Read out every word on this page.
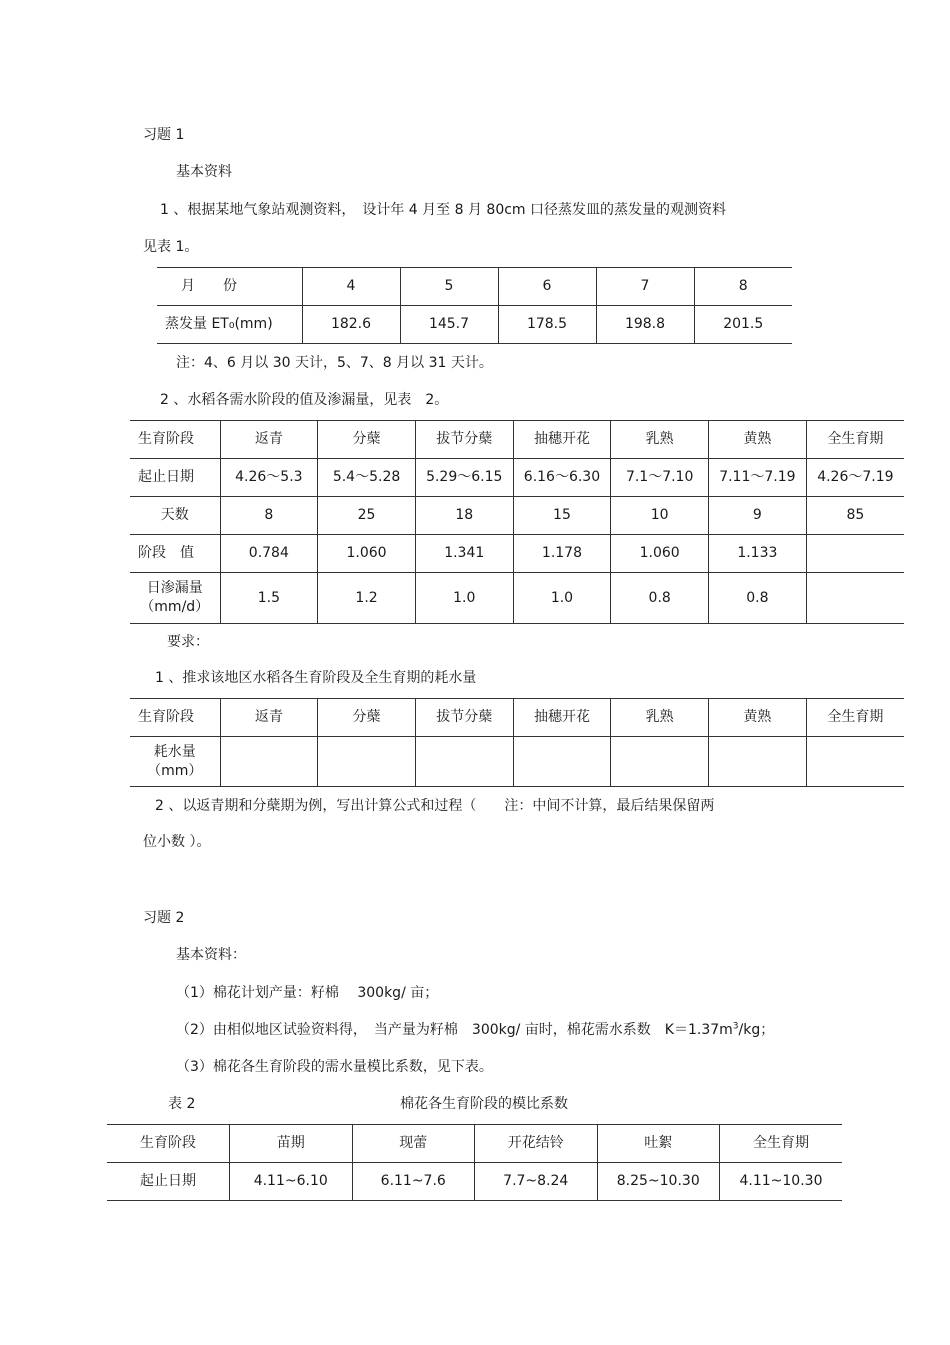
习题 1
基本资料
1 、根据某地气象站观测资料，　设计年 4 月至 8 月 80cm 口径蒸发皿的蒸发量的观测资料
见表 1。
月　　份	4	5	6	7	8
蒸发量 ET₀(mm)	182.6	145.7	178.5	198.8	201.5
注：4、6 月以 30 天计，5、7、8 月以 31 天计。
2 、水稻各需水阶段的值及渗漏量，见表　2。
生育阶段	返青	分蘖	拔节分蘖	抽穗开花	乳熟	黄熟	全生育期
起止日期	4.26～5.3	5.4～5.28	5.29～6.15	6.16～6.30	7.1～7.10	7.11～7.19	4.26～7.19
天数	8	25	18	15	10	9	85
阶段　值	0.784	1.060	1.341	1.178	1.060	1.133	

日渗漏量
（mm/d）	1.5	1.2	1.0	1.0	0.8	0.8	
要求：
1 、推求该地区水稻各生育阶段及全生育期的耗水量
生育阶段	返青	分蘖	拔节分蘖	抽穗开花	乳熟	黄熟	全生育期

耗水量
（mm）							

2 、以返青期和分蘖期为例，写出计算公式和过程（　　注：中间不计算，最后结果保留两
位小数 ）。
习题 2
基本资料：
（1）棉花计划产量：籽棉　 300kg/ 亩；
（2）由相似地区试验资料得，　当产量为籽棉　300kg/ 亩时，棉花需水系数　$K=1.37m^3/kg$；
（3）棉花各生育阶段的需水量模比系数，见下表。
表 2	棉花各生育阶段的模比系数
生育阶段	苗期	现蕾	开花结铃	吐絮	全生育期
起止日期	4.11~6.10	6.11~7.6	7.7~8.24	8.25~10.30	4.11~10.30
